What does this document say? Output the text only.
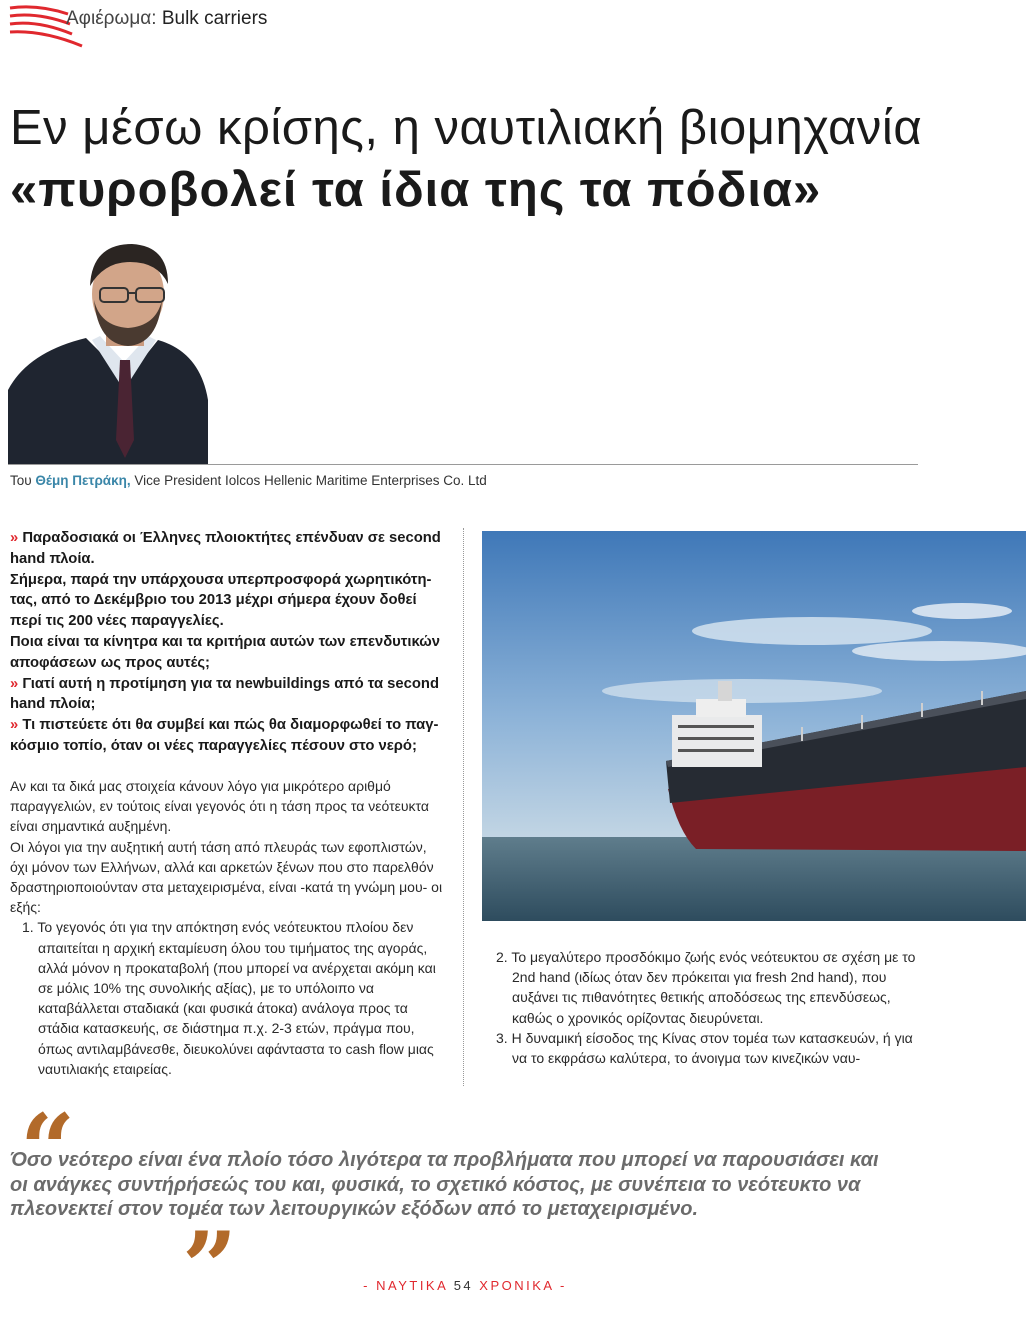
Αφιέρωμα: Bulk carriers
Εν μέσω κρίσης, η ναυτιλιακή βιομηχανία
«πυροβολεί τα ίδια της τα πόδια»
Του Θέμη Πετράκη, Vice President Iolcos Hellenic Maritime Enterprises Co. Ltd

» Παραδοσιακά οι Έλληνες πλοιοκτήτες επένδυαν σε second hand πλοία.

Σήμερα, παρά την υπάρχουσα υπερπροσφορά χωρητικότητας, από το Δεκέμβριο του 2013 μέχρι σήμερα έχουν δοθεί περί τις 200 νέες παραγγελίες.

Ποια είναι τα κίνητρα και τα κριτήρια αυτών των επενδυτικών αποφάσεων ως προς αυτές;

» Γιατί αυτή η προτίμηση για τα newbuildings από τα second hand πλοία;

» Τι πιστεύετε ότι θα συμβεί και πώς θα διαμορφωθεί το παγκόσμιο τοπίο, όταν οι νέες παραγγελίες πέσουν στο νερό;

Αν και τα δικά μας στοιχεία κάνουν λόγο για μικρότερο αριθμό παραγγελιών, εν τούτοις είναι γεγονός ότι η τάση προς τα νεότευκτα είναι σημαντικά αυξημένη.

Οι λόγοι για την αυξητική αυτή τάση από πλευράς των εφοπλιστών, όχι μόνον των Ελλήνων, αλλά και αρκετών ξένων που στο παρελθόν δραστηριοποιούνταν στα μεταχειρισμένα, είναι -κατά τη γνώμη μου- οι εξής:

1. Το γεγονός ότι για την απόκτηση ενός νεότευκτου πλοίου δεν απαιτείται η αρχική εκταμίευση όλου του τιμήματος της αγοράς, αλλά μόνον η προκαταβολή (που μπορεί να ανέρχεται ακόμη και σε μόλις 10% της συνολικής αξίας), με το υπόλοιπο να καταβάλλεται σταδιακά (και φυσικά άτοκα) ανάλογα προς τα στάδια κατασκευής, σε διάστημα π.χ. 2-3 ετών, πράγμα που, όπως αντιλαμβάνεσθε, διευκολύνει αφάνταστα το cash flow μιας ναυτιλιακής εταιρείας.
2. Το μεγαλύτερο προσδόκιμο ζωής ενός νεότευκτου σε σχέση με το 2nd hand (ιδίως όταν δεν πρόκειται για fresh 2nd hand), που αυξάνει τις πιθανότητες θετικής αποδόσεως της επενδύσεως, καθώς ο χρονικός ορίζοντας διευρύνεται.
3. Η δυναμική είσοδος της Κίνας στον τομέα των κατασκευών, ή για να το εκφράσω καλύτερα, το άνοιγμα των κινεζικών ναυ-
“
Όσο νεότερο είναι ένα πλοίο τόσο λιγότερα τα προβλήματα που μπορεί να παρουσιάσει και οι ανάγκες συντήρήσεώς του και, φυσικά, το σχετικό κόστος, με συνέπεια το νεότευκτο να πλεονεκτεί στον τομέα των λειτουργικών εξόδων από το μεταχειρισμένο.
”	- ΝΑΥΤΙΚΑ 54 ΧΡΟΝΙΚΑ -
